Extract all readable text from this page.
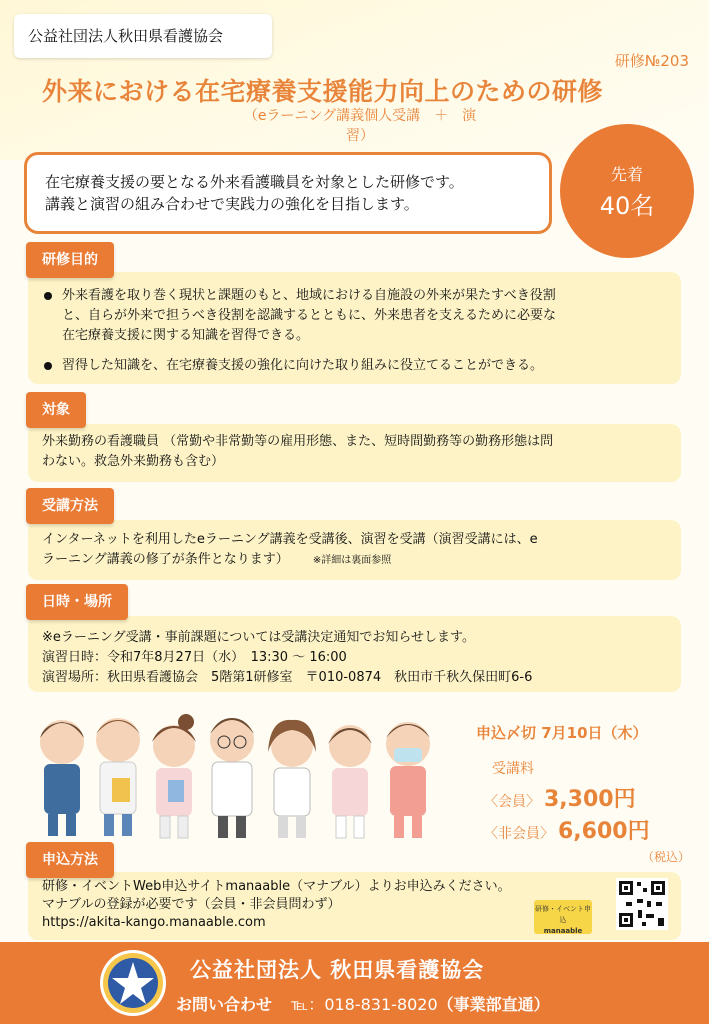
公益社団法人秋田県看護協会
研修№203
外来における在宅療養支援能力向上のための研修
（eラーニング講義個人受講　＋　演
習）
在宅療養支援の要となる外来看護職員を対象とした研修です。
講義と演習の組み合わせで実践力の強化を目指します。
先着
40名
外来看護を取り巻く現状と課題のもと、地域における自施設の外来が果たすべき役割
と、自らが外来で担うべき役割を認識するとともに、外来患者を支えるために必要な
在宅療養支援に関する知識を習得できる。
習得した知識を、在宅療養支援の強化に向けた取り組みに役立てることができる。
研修目的
外来勤務の看護職員 （常勤や非常勤等の雇用形態、また、短時間勤務等の勤務形態は問
わない。救急外来勤務も含む）
対象
インターネットを利用したeラーニング講義を受講後、演習を受講（演習受講には、e
ラーニング講義の修了が条件となります） ※詳細は裏面参照
受講方法
※eラーニング受講・事前課題については受講決定通知でお知らせします。
演習日時：令和7年8月27日（水）　13:30 〜 16:00
演習場所：秋田県看護協会　5階第1研修室　〒010-0874　秋田市千秋久保田町6-6
日時・場所
申込〆切 7月10日（木）
受講料
〈会員〉 3,300円
〈非会員〉 6,600円
（税込）
研修・イベントWeb申込サイトmanaable（マナブル）よりお申込みください。
マナブルの登録が必要です（会員・非会員問わず）
https://akita-kango.manaable.com
研修・イベント申込
manaable
申込方法
公益社団法人 秋田県看護協会
お問い合わせ ℡：018-831-8020（事業部直通）
